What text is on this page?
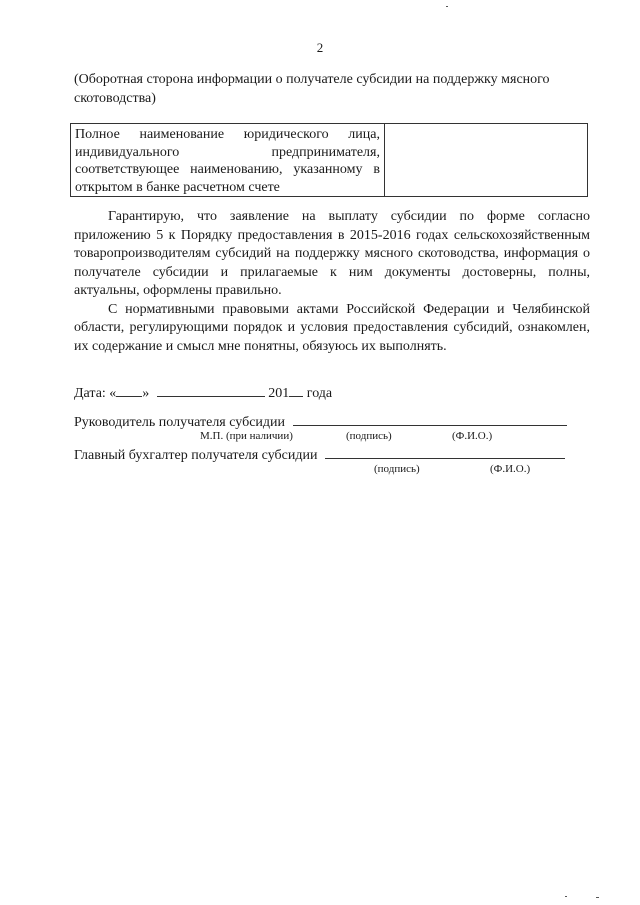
2
(Оборотная сторона информации о получателе субсидии на поддержку мясного скотоводства)
Полное наименование юридического лица, индивидуального предпринимателя, соответствующее наименованию, указанному в открытом в банке расчетном счете	

Гарантирую, что заявление на выплату субсидии по форме согласно приложению 5 к Порядку предоставления в 2015-2016 годах сельскохозяйственным товаропроизводителям субсидий на поддержку мясного скотоводства, информация о получателе субсидии и прилагаемые к ним документы достоверны, полны, актуальны, оформлены правильно.

С нормативными правовыми актами Российской Федерации и Челябинской области, регулирующими порядок и условия предоставления субсидий, ознакомлен, их содержание и смысл мне понятны, обязуюсь их выполнять.

Дата: « »	201 года
Руководитель получателя субсидии
М.П. (при наличии)	(подпись)	(Ф.И.О.)
Главный бухгалтер получателя субсидии
(подпись)	(Ф.И.О.)
